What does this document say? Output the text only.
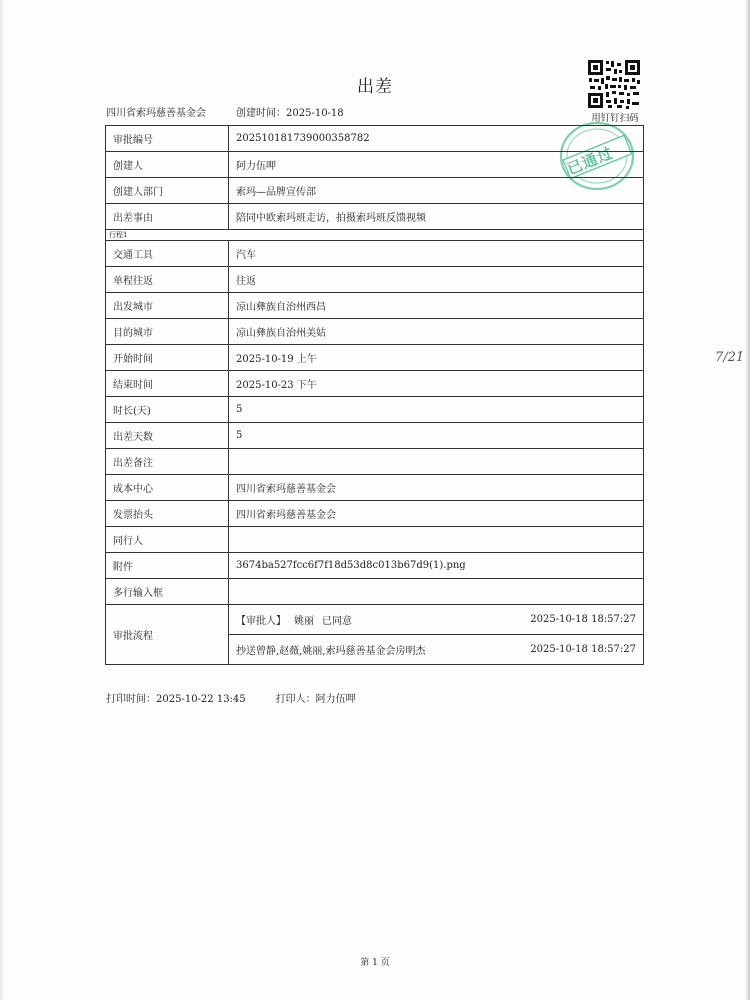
出差
四川省索玛慈善基金会	创建时间：2025-10-18	用钉钉扫码
已通过
7/21
审批编号	202510181739000358782
创建人	阿力伍呷
创建人部门	索玛—品牌宣传部
出差事由	陪同中欧索玛班走访，拍摄索玛班反馈视频
行程1	
交通工具	汽车
单程往返	往返
出发城市	凉山彝族自治州西昌
目的城市	凉山彝族自治州美姑
开始时间	2025-10-19 上午
结束时间	2025-10-23 下午
时长(天)	5
出差天数	5
出差备注	
成本中心	四川省索玛慈善基金会
发票抬头	四川省索玛慈善基金会
同行人	
附件	3674ba527fcc6f7f18d53d8c013b67d9(1).png
多行输入框	
审批流程	【审批人】 姚丽 已同意 2025-10-18 18:57:27
抄送曾静,赵薇,姚丽,索玛慈善基金会房明杰 2025-10-18 18:57:27
打印时间：2025-10-22 13:45	打印人：阿力伍呷
第 1 页
